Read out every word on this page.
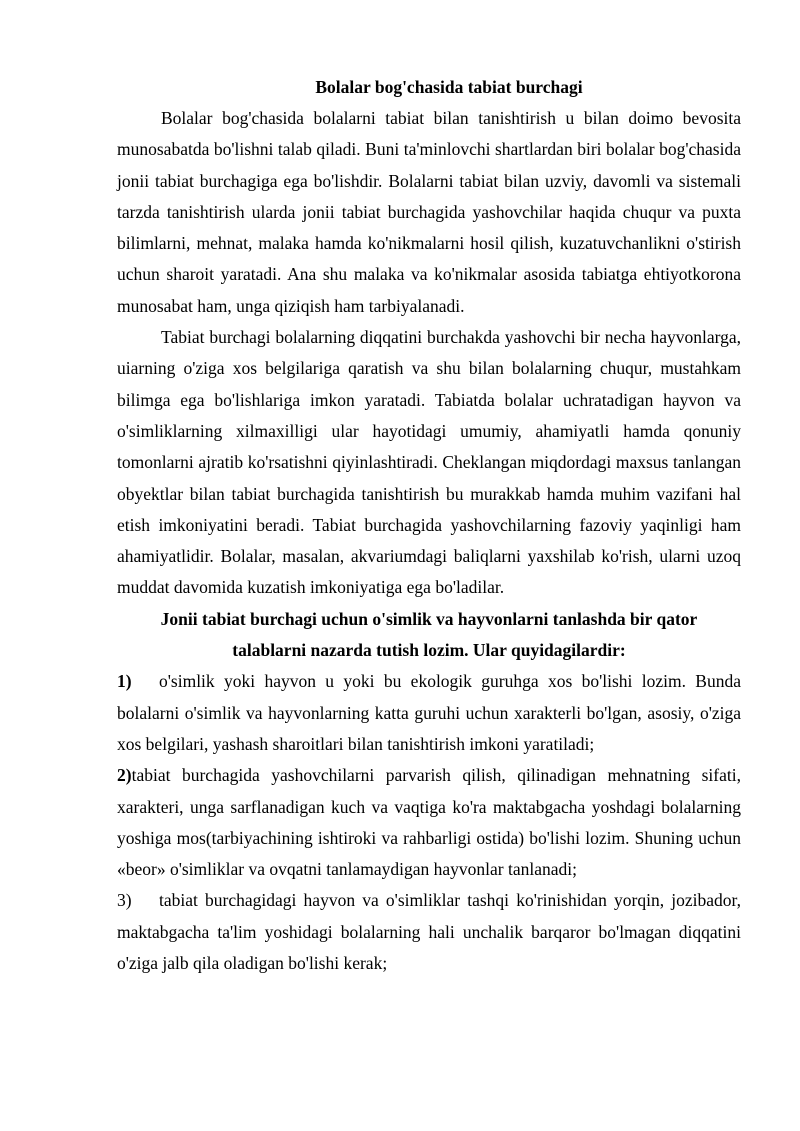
Bolalar bog'chasida tabiat burchagi

Bolalar bog'chasida bolalarni tabiat bilan tanishtirish u bilan doimo bevosita munosabatda bo'lishni talab qiladi. Buni ta'minlovchi shartlardan biri bolalar bog'chasida jonii tabiat burchagiga ega bo'lishdir. Bolalarni tabiat bilan uzviy, davomli va sistemali tarzda tanishtirish ularda jonii tabiat burchagida yashovchilar haqida chuqur va puxta bilimlarni, mehnat, malaka hamda ko'nikmalarni hosil qilish, kuzatuvchanlikni o'stirish uchun sharoit yaratadi. Ana shu malaka va ko'nikmalar asosida tabiatga ehtiyotkorona munosabat ham, unga qiziqish ham tarbiyalanadi.

Tabiat burchagi bolalarning diqqatini burchakda yashovchi bir necha hayvonlarga, uiarning o'ziga xos belgilariga qaratish va shu bilan bolalarning chuqur, mustahkam bilimga ega bo'lishlariga imkon yaratadi. Tabiatda bolalar uchratadigan hayvon va o'simliklarning xilmaxilligi ular hayotidagi umumiy, ahamiyatli hamda qonuniy tomonlarni ajratib ko'rsatishni qiyinlashtiradi. Cheklangan miqdordagi maxsus tanlangan obyektlar bilan tabiat burchagida tanishtirish bu murakkab hamda muhim vazifani hal etish imkoniyatini beradi. Tabiat burchagida yashovchilarning fazoviy yaqinligi ham ahamiyatlidir. Bolalar, masalan, akvariumdagi baliqlarni yaxshilab ko'rish, ularni uzoq muddat davomida kuzatish imkoniyatiga ega bo'ladilar.

Jonii tabiat burchagi uchun o'simlik va hayvonlarni tanlashda bir qator talablarni nazarda tutish lozim. Ular quyidagilardir:

1) o'simlik yoki hayvon u yoki bu ekologik guruhga xos bo'lishi lozim. Bunda bolalarni o'simlik va hayvonlarning katta guruhi uchun xarakterli bo'lgan, asosiy, o'ziga xos belgilari, yashash sharoitlari bilan tanishtirish imkoni yaratiladi;

2)tabiat burchagida yashovchilarni parvarish qilish, qilinadigan mehnatning sifati, xarakteri, unga sarflanadigan kuch va vaqtiga ko'ra maktabgacha yoshdagi bolalarning yoshiga mos(tarbiyachining ishtiroki va rahbarligi ostida) bo'lishi lozim. Shuning uchun «beor» o'simliklar va ovqatni tanlamaydigan hayvonlar tanlanadi;

3) tabiat burchagidagi hayvon va o'simliklar tashqi ko'rinishidan yorqin, jozibador, maktabgacha ta'lim yoshidagi bolalarning hali unchalik barqaror bo'lmagan diqqatini o'ziga jalb qila oladigan bo'lishi kerak;
